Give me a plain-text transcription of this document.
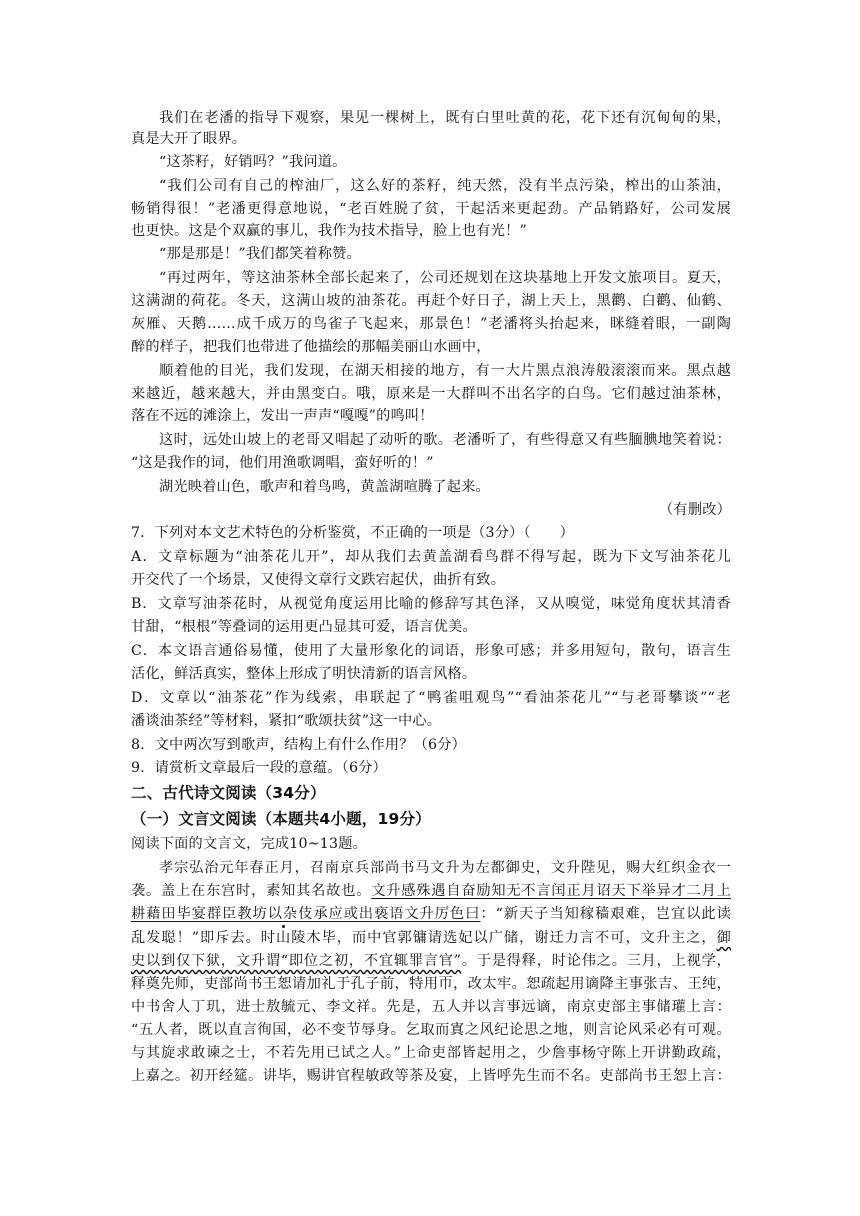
我们在老潘的指导下观察，果见一棵树上，既有白里吐黄的花，花下还有沉甸甸的果，
真是大开了眼界。
“这茶籽，好销吗？”我问道。
“我们公司有自己的榨油厂，这么好的茶籽，纯天然，没有半点污染，榨出的山茶油，
畅销得很！”老潘更得意地说，“老百姓脱了贫，干起活来更起劲。产品销路好，公司发展
也更快。这是个双赢的事儿，我作为技术指导，脸上也有光！”
“那是那是！”我们都笑着称赞。
“再过两年，等这油茶林全部长起来了，公司还规划在这块基地上开发文旅项目。夏天，
这满湖的荷花。冬天，这满山坡的油茶花。再赶个好日子，湖上天上，黑鹳、白鹳、仙鹤、
灰雁、天鹅……成千成万的鸟雀子飞起来，那景色！”老潘将头抬起来，眯缝着眼，一副陶
醉的样子，把我们也带进了他描绘的那幅美丽山水画中，
顺着他的目光，我们发现，在湖天相接的地方，有一大片黑点浪涛般滚滚而来。黑点越
来越近，越来越大，并由黑变白。哦，原来是一大群叫不出名字的白鸟。它们越过油茶林，
落在不远的滩涂上，发出一声声“嘎嘎”的鸣叫！
这时，远处山坡上的老哥又唱起了动听的歌。老潘听了，有些得意又有些腼腆地笑着说：
“这是我作的词，他们用渔歌调唱，蛮好听的！”
湖光映着山色，歌声和着鸟鸣，黄盖湖喧腾了起来。
（有删改）
7．下列对本文艺术特色的分析鉴赏，不正确的一项是（3分）（　　）
A．文章标题为“油茶花儿开”，却从我们去黄盖湖看鸟群不得写起，既为下文写油茶花儿
开交代了一个场景，又使得文章行文跌宕起伏，曲折有致。
B．文章写油茶花时，从视觉角度运用比喻的修辞写其色泽，又从嗅觉，味觉角度状其清香
甘甜，“根根”等叠词的运用更凸显其可爱，语言优美。
C．本文语言通俗易懂，使用了大量形象化的词语，形象可感；并多用短句，散句，语言生
活化，鲜活真实，整体上形成了明快清新的语言风格。
D．文章以“油茶花”作为线索，串联起了“鸭雀咀观鸟”“看油茶花儿”“与老哥攀谈”“老
潘谈油茶经”等材料，紧扣“歌颂扶贫”这一中心。
8．文中两次写到歌声，结构上有什么作用？（6分）
9．请赏析文章最后一段的意蕴。（6分）
二、古代诗文阅读（34分）
（一）文言文阅读（本题共4小题，19分）
阅读下面的文言文，完成10~13题。
孝宗弘治元年春正月，召南京兵部尚书马文升为左都御史，文升陛见，赐大红织金衣一
袭。盖上在东宫时，素知其名故也。文升感殊遇自奋励知无不言闰正月诏天下举异才二月上
耕藉田毕宴群臣教坊以杂伎承应或出亵语文升厉色曰：“新天子当知稼穑艰难，岂宜以此读
乱发聪！”即斥去。时山陵木毕，而中官郭镛请选妃以广储，谢迁力言不可，文升主之，御
史以到仅下狱，文升谓“即位之初，不宜辄罪言官”。于是得释，时论伟之。三月，上视学，
释奠先师，吏部尚书王恕请加礼于孔子前，特用帀，改太牢。恕疏起用谪降主事张吉、王纯，
中书舍人丁玑，进士敖毓元、李文祥。先是，五人并以言事远谪，南京吏部主事储瓘上言：
“五人者，既以直言徇国，必不变节辱身。乞取而寘之风纪论思之地，则言论风采必有可观。
与其旋求敢谏之士，不若先用已试之人。”上命吏部皆起用之，少詹事杨守陈上开讲勤政疏，
上嘉之。初开经筵。讲毕，赐讲官程敏政等茶及宴，上皆呼先生而不名。吏部尚书王恕上言：
